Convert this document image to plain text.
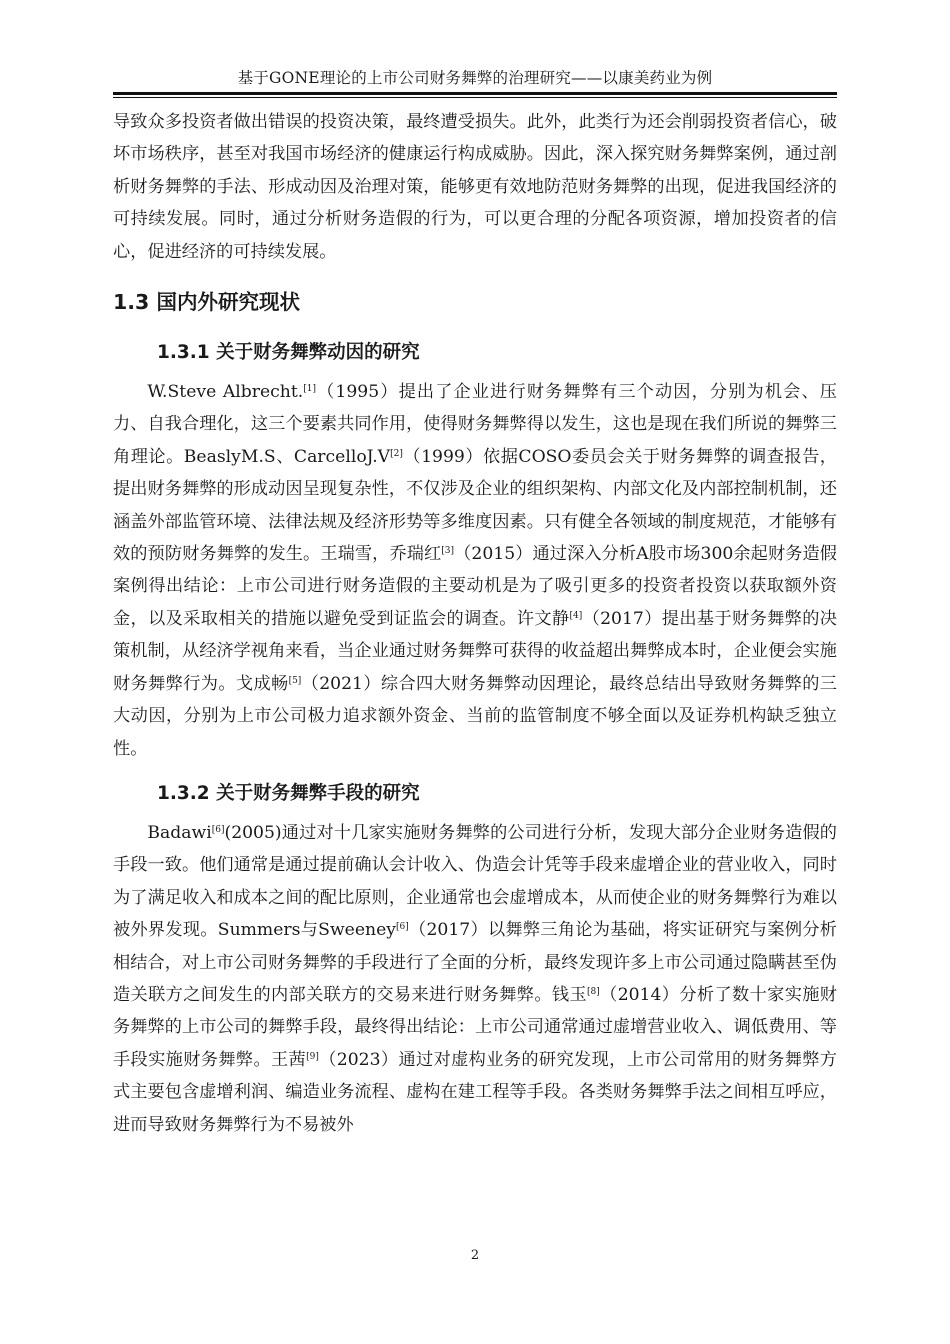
基于GONE理论的上市公司财务舞弊的治理研究——以康美药业为例

导致众多投资者做出错误的投资决策，最终遭受损失。此外，此类行为还会削弱投资者信心，破坏市场秩序，甚至对我国市场经济的健康运行构成威胁。因此，深入探究财务舞弊案例，通过剖析财务舞弊的手法、形成动因及治理对策，能够更有效地防范财务舞弊的出现，促进我国经济的可持续发展。同时，通过分析财务造假的行为，可以更合理的分配各项资源，增加投资者的信心，促进经济的可持续发展。

1.3 国内外研究现状
1.3.1 关于财务舞弊动因的研究

W.Steve Albrecht.[1]（1995）提出了企业进行财务舞弊有三个动因，分别为机会、压力、自我合理化，这三个要素共同作用，使得财务舞弊得以发生，这也是现在我们所说的舞弊三角理论。BeaslyM.S、CarcelloJ.V[2]（1999）依据COSO委员会关于财务舞弊的调查报告，提出财务舞弊的形成动因呈现复杂性，不仅涉及企业的组织架构、内部文化及内部控制机制，还涵盖外部监管环境、法律法规及经济形势等多维度因素。只有健全各领域的制度规范，才能够有效的预防财务舞弊的发生。王瑞雪，乔瑞红[3]（2015）通过深入分析A股市场300余起财务造假案例得出结论：上市公司进行财务造假的主要动机是为了吸引更多的投资者投资以获取额外资金，以及采取相关的措施以避免受到证监会的调查。许文静[4]（2017）提出基于财务舞弊的决策机制，从经济学视角来看，当企业通过财务舞弊可获得的收益超出舞弊成本时，企业便会实施财务舞弊行为。戈成畅[5]（2021）综合四大财务舞弊动因理论，最终总结出导致财务舞弊的三大动因，分别为上市公司极力追求额外资金、当前的监管制度不够全面以及证券机构缺乏独立性。

1.3.2 关于财务舞弊手段的研究

Badawi[6](2005)通过对十几家实施财务舞弊的公司进行分析，发现大部分企业财务造假的手段一致。他们通常是通过提前确认会计收入、伪造会计凭等手段来虚增企业的营业收入，同时为了满足收入和成本之间的配比原则，企业通常也会虚增成本，从而使企业的财务舞弊行为难以被外界发现。Summers与Sweeney[6]（2017）以舞弊三角论为基础，将实证研究与案例分析相结合，对上市公司财务舞弊的手段进行了全面的分析，最终发现许多上市公司通过隐瞒甚至伪造关联方之间发生的内部关联方的交易来进行财务舞弊。钱玉[8]（2014）分析了数十家实施财务舞弊的上市公司的舞弊手段，最终得出结论：上市公司通常通过虚增营业收入、调低费用、等手段实施财务舞弊。王茜[9]（2023）通过对虚构业务的研究发现，上市公司常用的财务舞弊方式主要包含虚增利润、编造业务流程、虚构在建工程等手段。各类财务舞弊手法之间相互呼应，进而导致财务舞弊行为不易被外

2
